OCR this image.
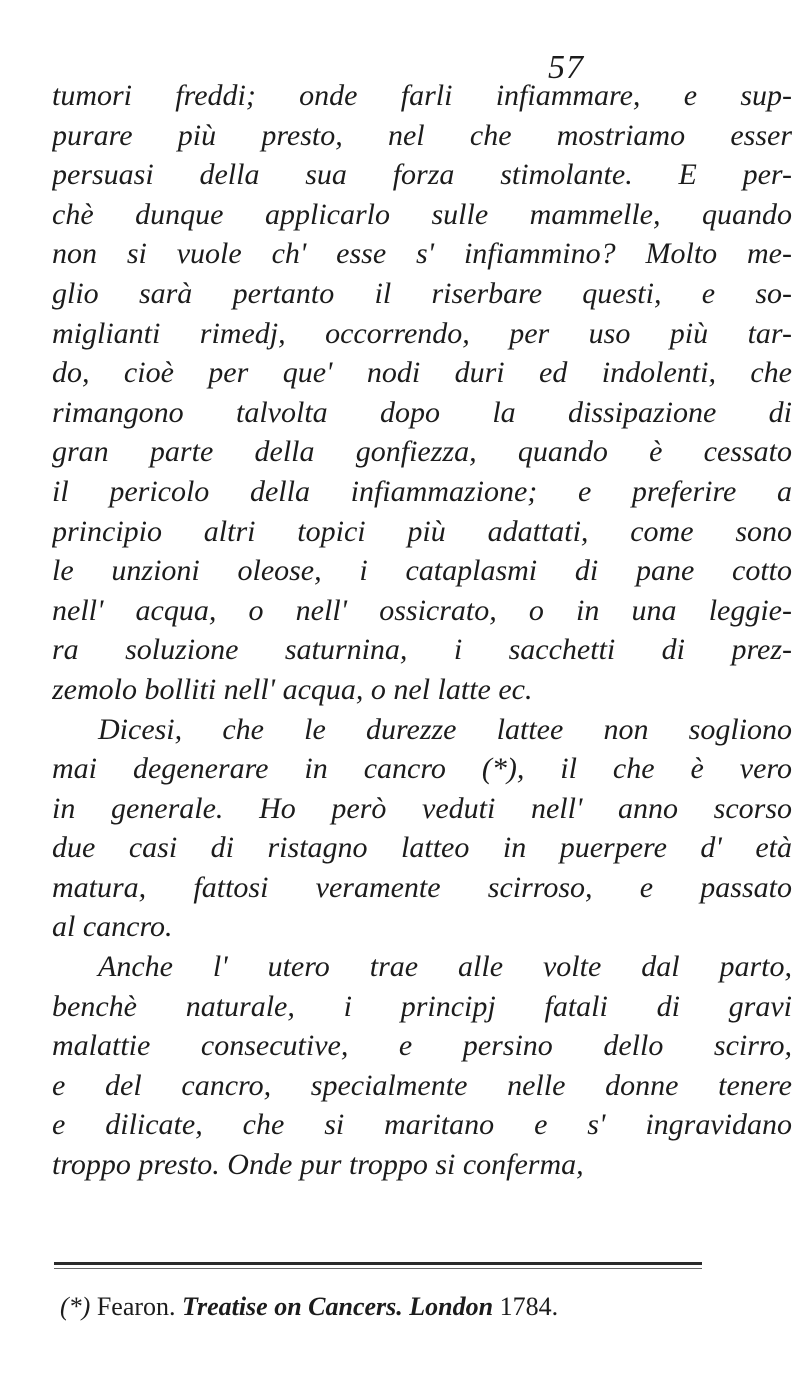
57
tumori freddi; onde farli infiammare, e sup-
purare più presto, nel che mostriamo esser
persuasi della sua forza stimolante. E per-
chè dunque applicarlo sulle mammelle, quando
non si vuole ch' esse s' infiammino? Molto me-
glio sarà pertanto il riserbare questi, e so-
miglianti rimedj, occorrendo, per uso più tar-
do, cioè per que' nodi duri ed indolenti, che
rimangono talvolta dopo la dissipazione di
gran parte della gonfiezza, quando è cessato
il pericolo della infiammazione; e preferire a
principio altri topici più adattati, come sono
le unzioni oleose, i cataplasmi di pane cotto
nell' acqua, o nell' ossicrato, o in una leggie-
ra soluzione saturnina, i sacchetti di prez-
zemolo bolliti nell' acqua, o nel latte ec.
Dicesi, che le durezze lattee non sogliono
mai degenerare in cancro (*), il che è vero
in generale. Ho però veduti nell' anno scorso
due casi di ristagno latteo in puerpere d' età
matura, fattosi veramente scirroso, e passato
al cancro.
Anche l' utero trae alle volte dal parto,
benchè naturale, i principj fatali di gravi
malattie consecutive, e persino dello scirro,
e del cancro, specialmente nelle donne tenere
e dilicate, che si maritano e s' ingravidano
troppo presto. Onde pur troppo si conferma,
(*) Fearon. Treatise on Cancers. London 1784.
